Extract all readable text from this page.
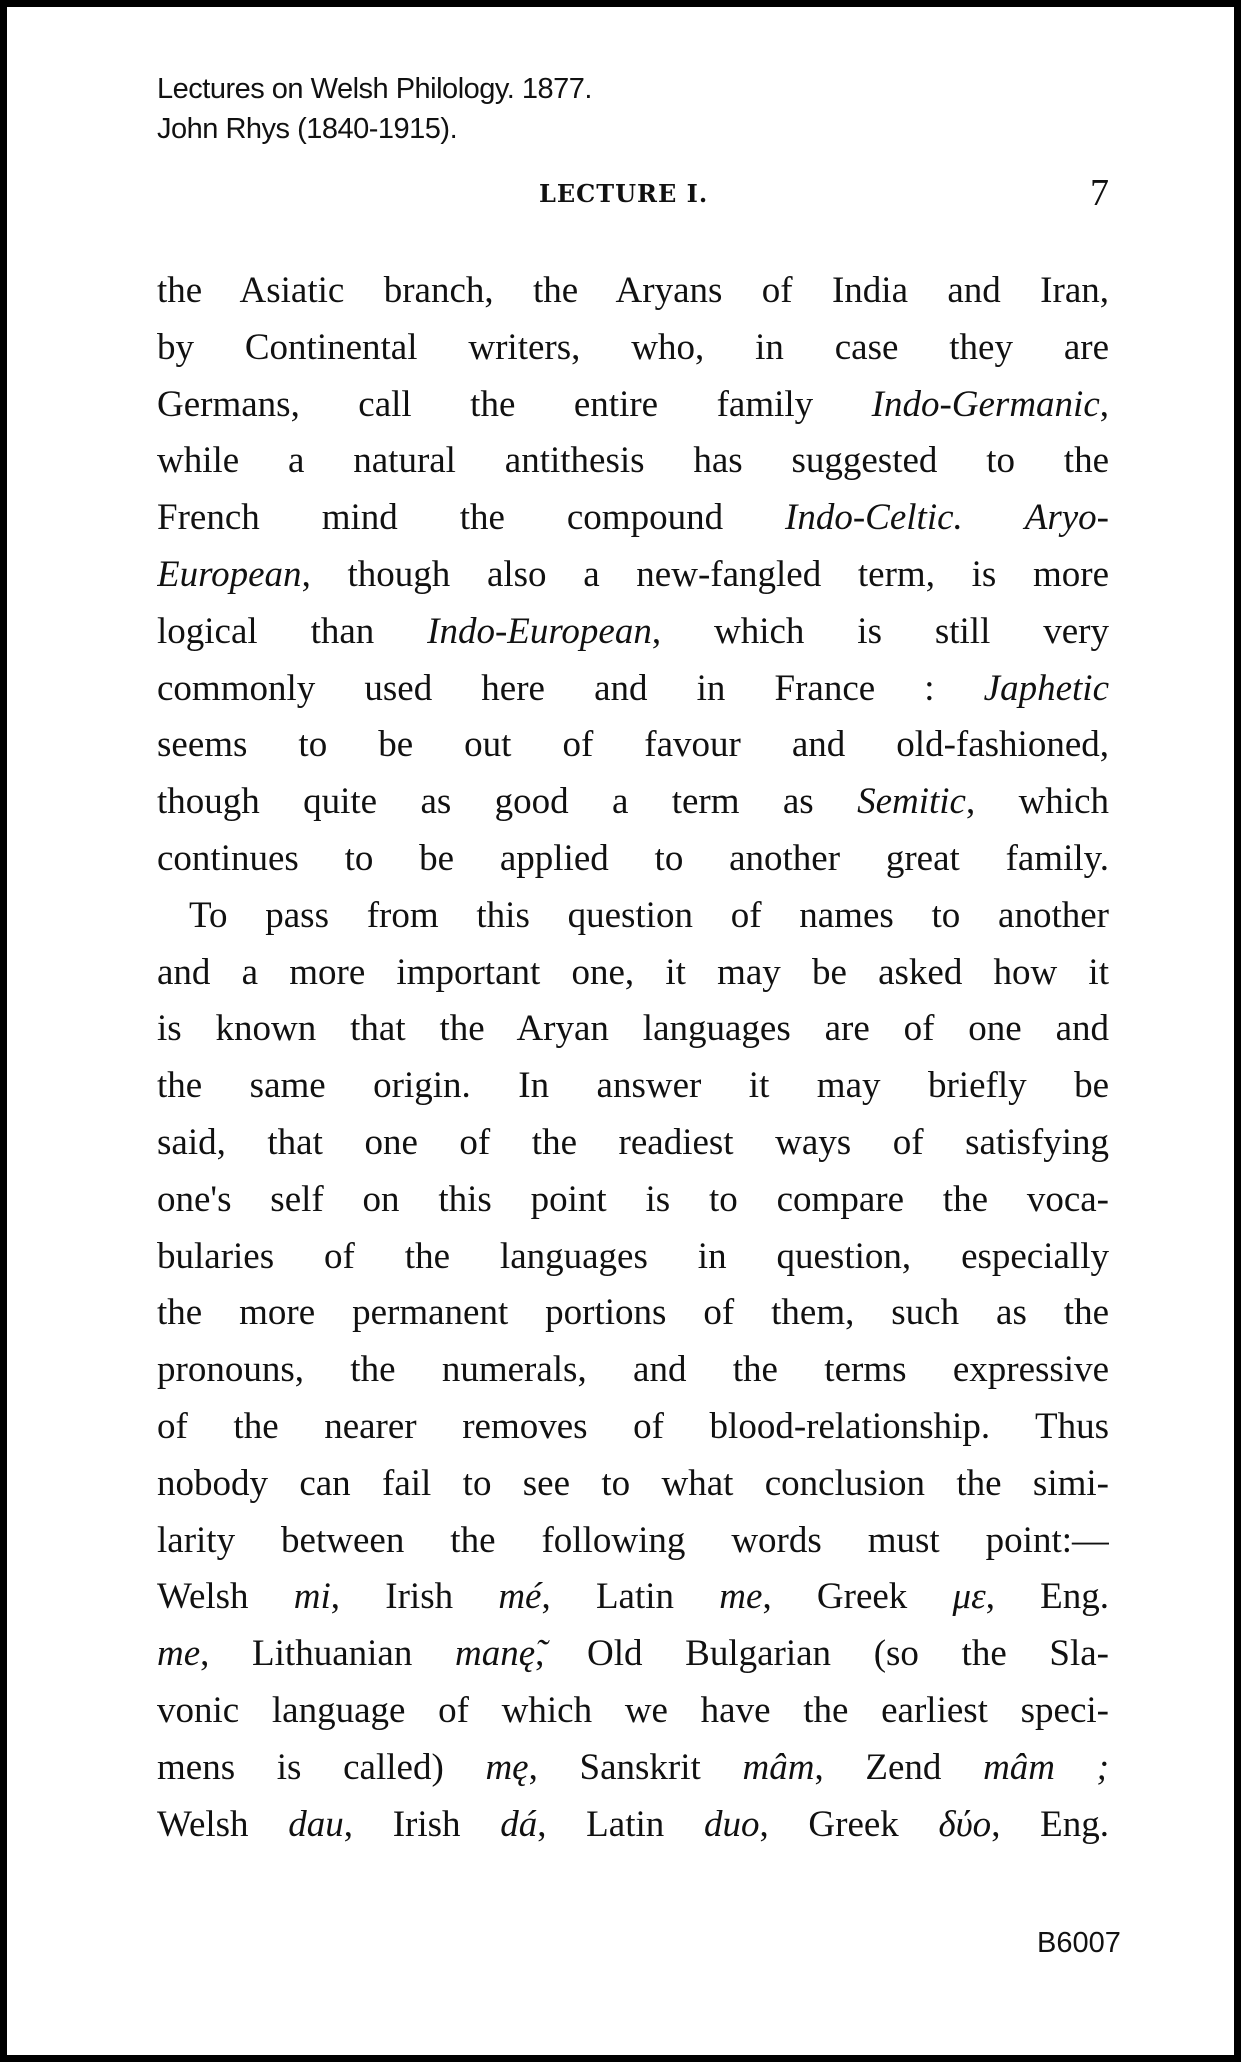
Lectures on Welsh Philology. 1877.
John Rhys (1840-1915).
LECTURE I.	7
the Asiatic branch, the Aryans of India and Iran,
by Continental writers, who, in case they are
Germans, call the entire family Indo-Germanic,
while a natural antithesis has suggested to the
French mind the compound Indo-Celtic. Aryo-
European, though also a new-fangled term, is more
logical than Indo-European, which is still very
commonly used here and in France : Japhetic
seems to be out of favour and old-fashioned,
though quite as good a term as Semitic, which
continues to be applied to another great family.
To pass from this question of names to another
and a more important one, it may be asked how it
is known that the Aryan languages are of one and
the same origin. In answer it may briefly be
said, that one of the readiest ways of satisfying
one's self on this point is to compare the voca-
bularies of the languages in question, especially
the more permanent portions of them, such as the
pronouns, the numerals, and the terms expressive
of the nearer removes of blood-relationship. Thus
nobody can fail to see to what conclusion the simi-
larity between the following words must point:—
Welsh mi, Irish mé, Latin me, Greek με, Eng.
me, Lithuanian manę̃, Old Bulgarian (so the Sla-
vonic language of which we have the earliest speci-
mens is called) mę, Sanskrit mâm, Zend mâm ;
Welsh dau, Irish dá, Latin duo, Greek δύο, Eng.
B6007
